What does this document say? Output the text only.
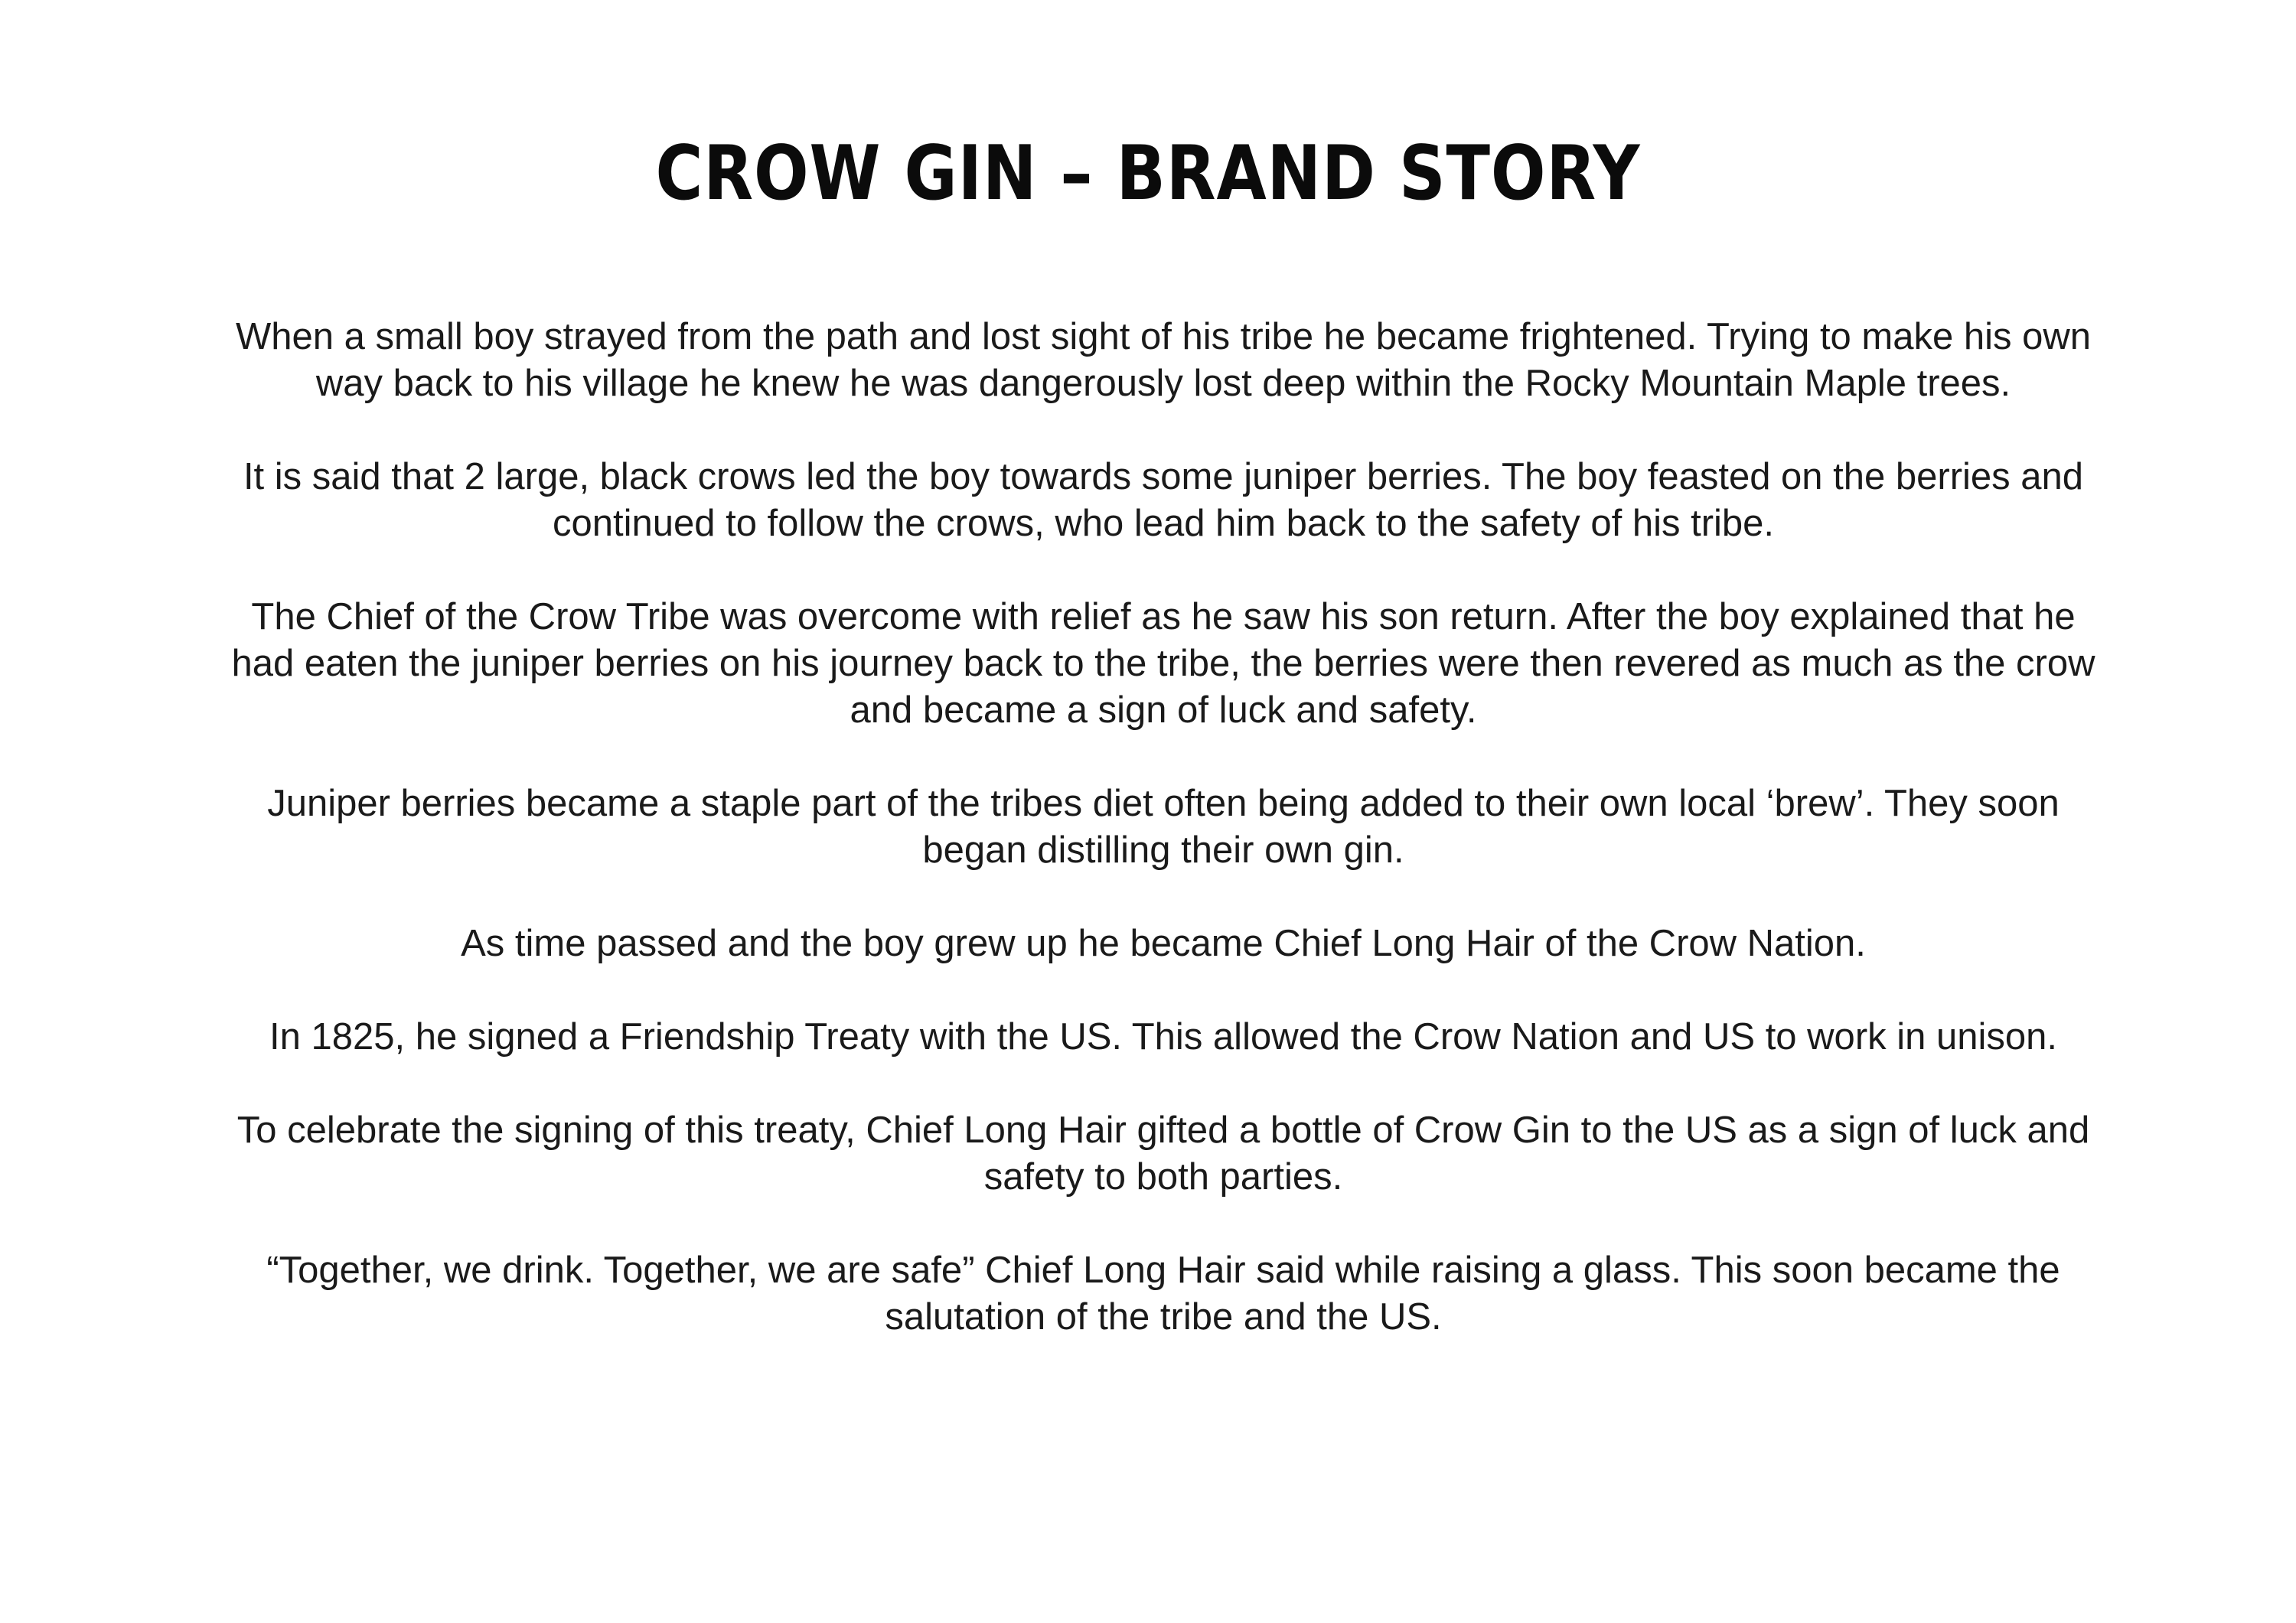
CROW GIN – BRAND STORY

When a small boy strayed from the path and lost sight of his tribe he became frightened. Trying to make his own way back to his village he knew he was dangerously lost deep within the Rocky Mountain Maple trees.

It is said that 2 large, black crows led the boy towards some juniper berries. The boy feasted on the berries and continued to follow the crows, who lead him back to the safety of his tribe.

The Chief of the Crow Tribe was overcome with relief as he saw his son return. After the boy explained that he had eaten the juniper berries on his journey back to the tribe, the berries were then revered as much as the crow and became a sign of luck and safety.

Juniper berries became a staple part of the tribes diet often being added to their own local ‘brew’. They soon began distilling their own gin.

As time passed and the boy grew up he became Chief Long Hair of the Crow Nation.

In 1825, he signed a Friendship Treaty with the US. This allowed the Crow Nation and US to work in unison.

To celebrate the signing of this treaty, Chief Long Hair gifted a bottle of Crow Gin to the US as a sign of luck and safety to both parties.

“Together, we drink. Together, we are safe” Chief Long Hair said while raising a glass. This soon became the salutation of the tribe and the US.
